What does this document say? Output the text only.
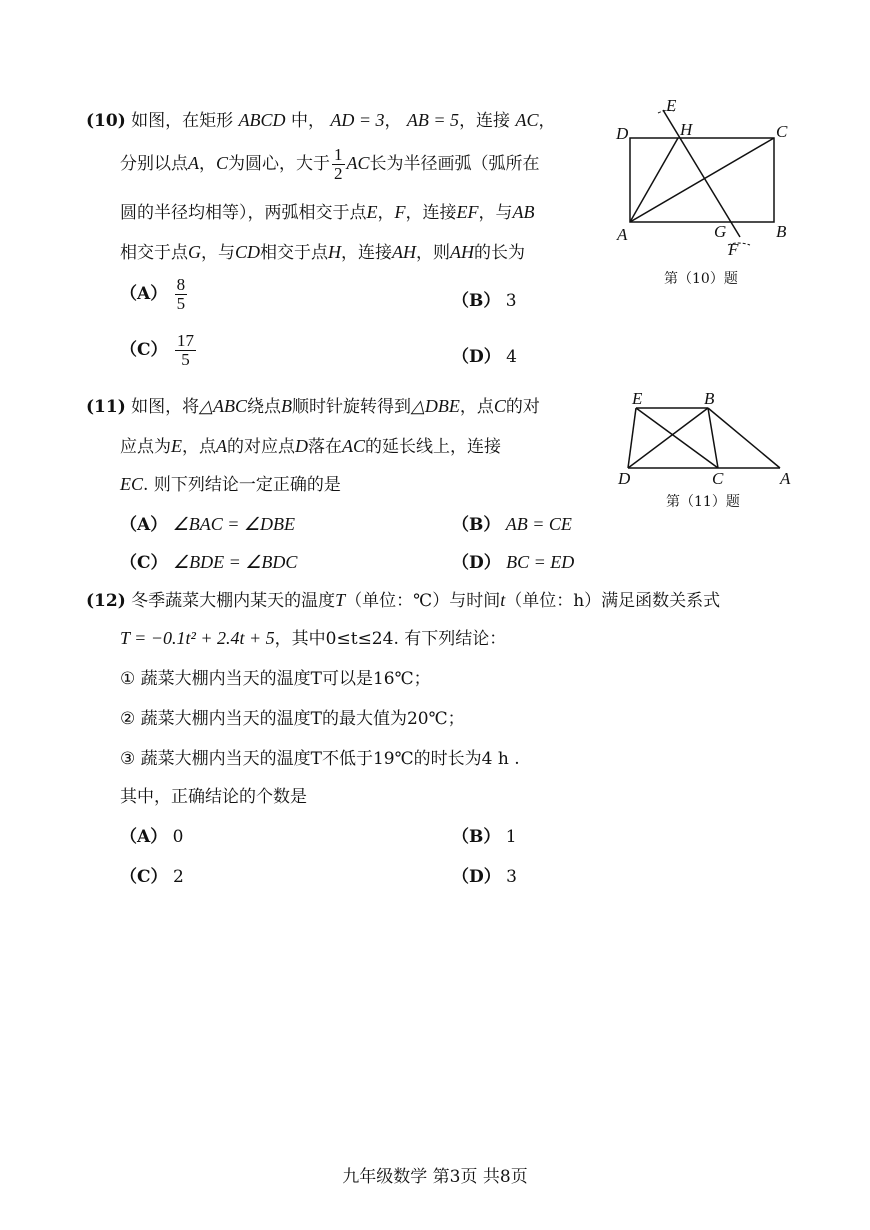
(10) 如图，在矩形 ABCD 中， AD = 3， AB = 5，连接 AC，
分别以点A，C为圆心，大于 $\frac{1}{2}$ AC长为半径画弧（弧所在
圆的半径均相等），两弧相交于点E，F，连接EF，与AB
相交于点G，与CD相交于点H，连接AH，则AH的长为
$(A) \frac{8}{5}$	（B） 3
$(C) \frac{17}{5}$	（D） 4
E
D	H	C
A	G	B
F
第（10）题
(11) 如图，将△ABC绕点B顺时针旋转得到△DBE，点C的对
应点为E，点A的对应点D落在AC的延长线上，连接
EC. 则下列结论一定正确的是
（A） ∠BAC = ∠DBE	（B） AB = CE
（C） ∠BDE = ∠BDC	（D） BC = ED
E	B
D	C	A
第（11）题
(12) 冬季蔬菜大棚内某天的温度T（单位：℃）与时间t（单位：h）满足函数关系式
T = −0.1t² + 2.4t + 5，其中0≤t≤24. 有下列结论：
① 蔬菜大棚内当天的温度T可以是16℃；
② 蔬菜大棚内当天的温度T的最大值为20℃；
③ 蔬菜大棚内当天的温度T不低于19℃的时长为4 h .
其中，正确结论的个数是
（A） 0	（B） 1
（C） 2	（D） 3
九年级数学 第3页 共8页
